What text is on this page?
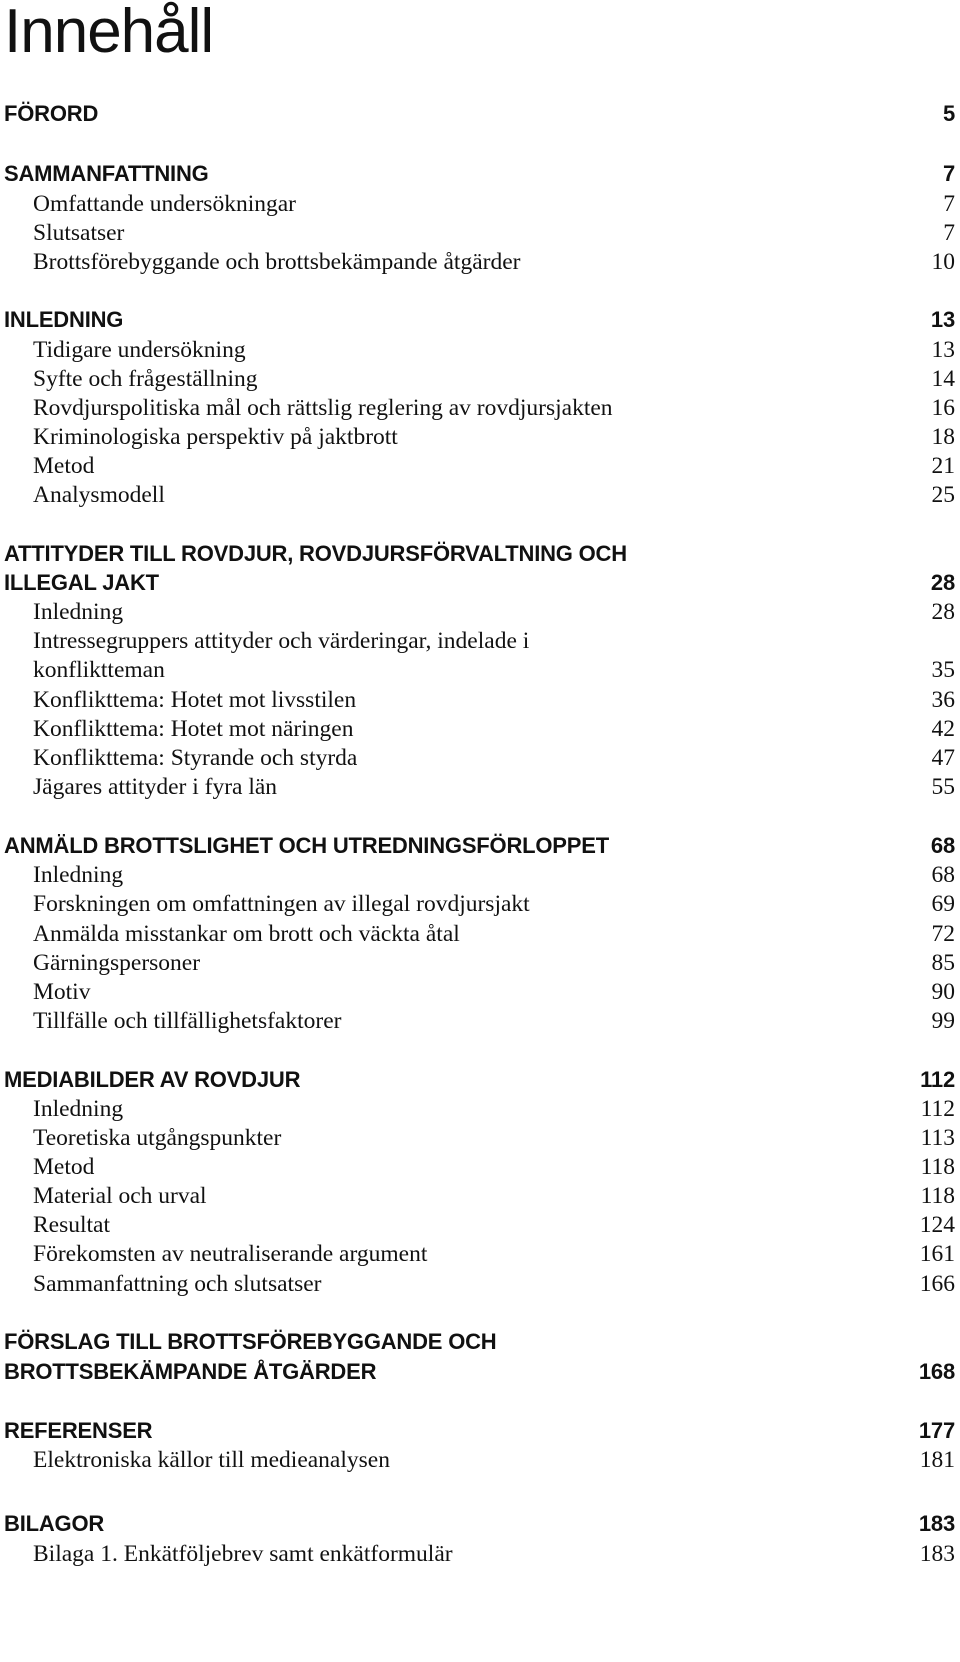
Innehåll
FÖRORD	5
SAMMANFATTNING	7
Omfattande undersökningar	7
Slutsatser	7
Brottsförebyggande och brottsbekämpande åtgärder	10
INLEDNING	13
Tidigare undersökning	13
Syfte och frågeställning	14
Rovdjurspolitiska mål och rättslig reglering av rovdjursjakten	16
Kriminologiska perspektiv på jaktbrott	18
Metod	21
Analysmodell	25
ATTITYDER TILL ROVDJUR, ROVDJURSFÖRVALTNING OCH
ILLEGAL JAKT	28
Inledning	28
Intressegruppers attityder och värderingar, indelade i
konfliktteman	35
Konflikttema: Hotet mot livsstilen	36
Konflikttema: Hotet mot näringen	42
Konflikttema: Styrande och styrda	47
Jägares attityder i fyra län	55
ANMÄLD BROTTSLIGHET OCH UTREDNINGSFÖRLOPPET	68
Inledning	68
Forskningen om omfattningen av illegal rovdjursjakt	69
Anmälda misstankar om brott och väckta åtal	72
Gärningspersoner	85
Motiv	90
Tillfälle och tillfällighetsfaktorer	99
MEDIABILDER AV ROVDJUR	112
Inledning	112
Teoretiska utgångspunkter	113
Metod	118
Material och urval	118
Resultat	124
Förekomsten av neutraliserande argument	161
Sammanfattning och slutsatser	166
FÖRSLAG TILL BROTTSFÖREBYGGANDE OCH
BROTTSBEKÄMPANDE ÅTGÄRDER	168
REFERENSER	177
Elektroniska källor till medieanalysen	181
BILAGOR	183
Bilaga 1. Enkätföljebrev samt enkätformulär	183
